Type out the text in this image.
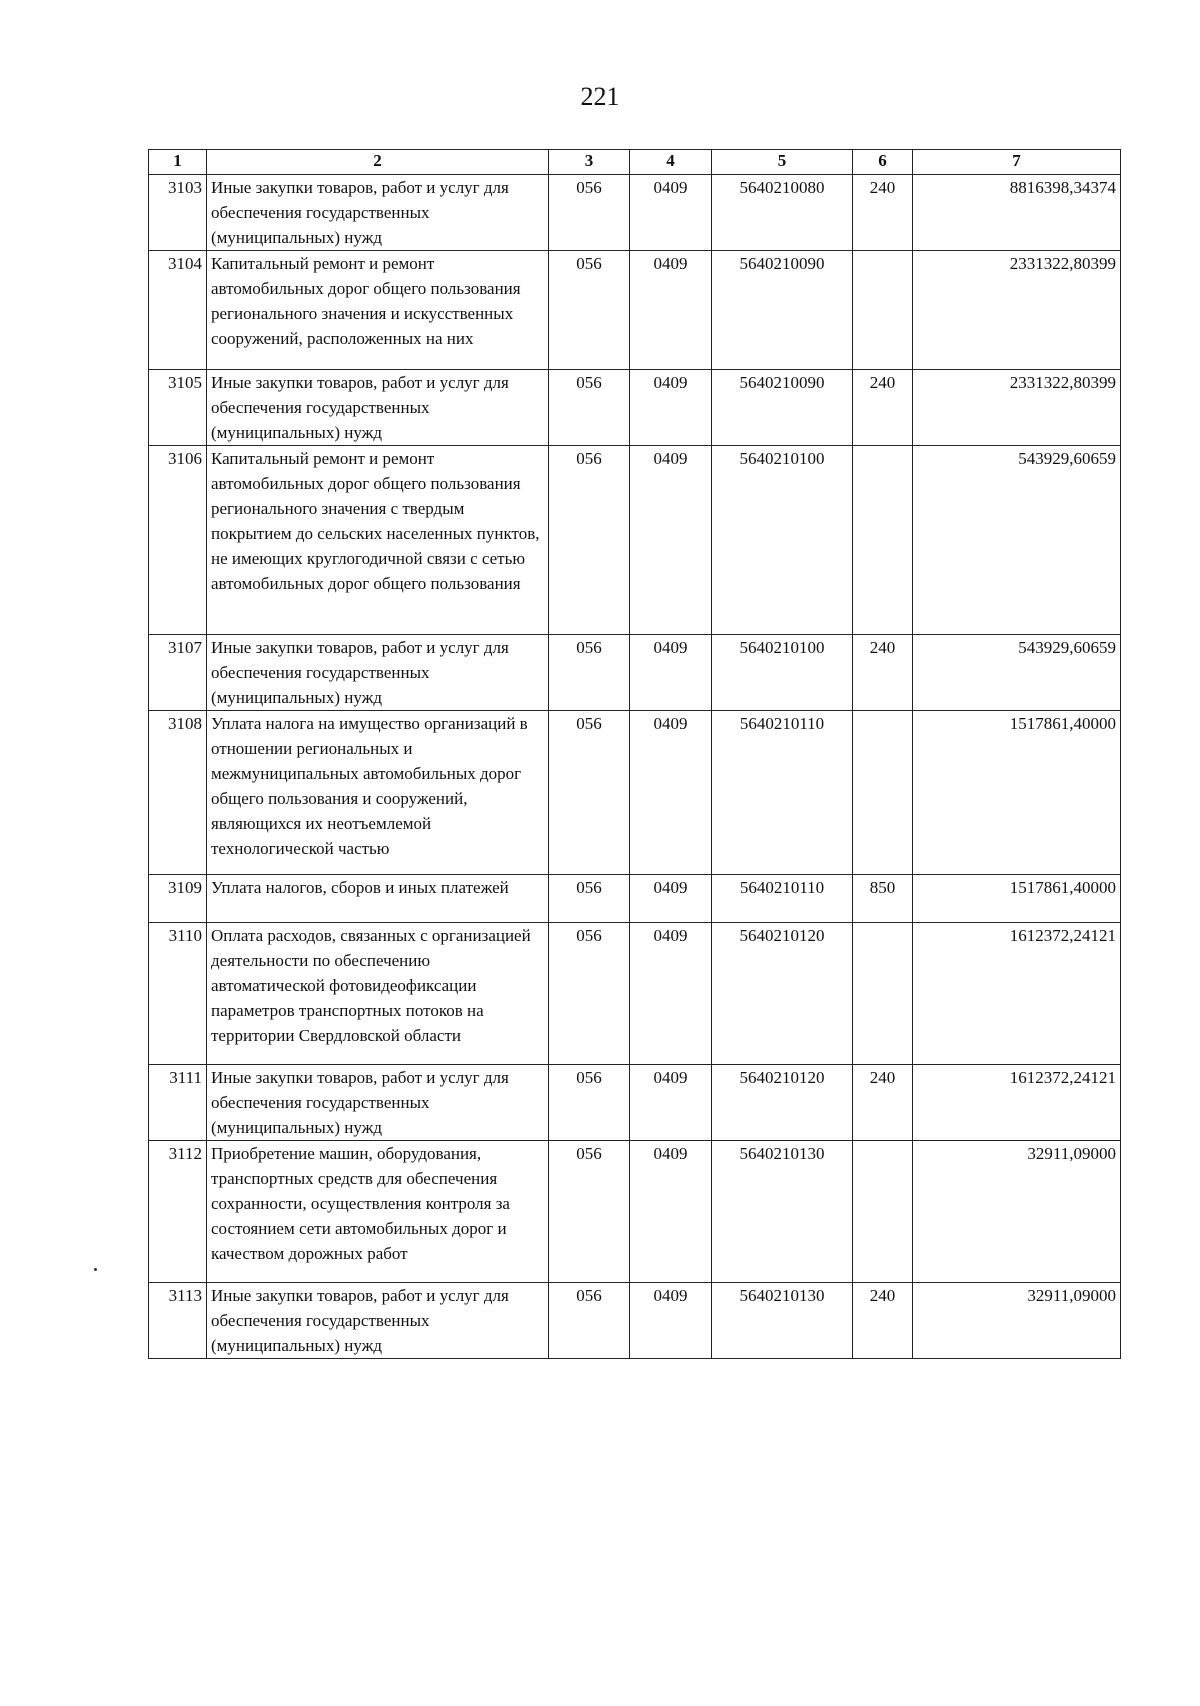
221
1	2	3	4	5	6	7
3103	Иные закупки товаров, работ и услуг для обеспечения государственных (муниципальных) нужд	056	0409	5640210080	240	8816398,34374
3104	Капитальный ремонт и ремонт автомобильных дорог общего пользования регионального значения и искусственных сооружений, расположенных на них	056	0409	5640210090		2331322,80399
3105	Иные закупки товаров, работ и услуг для обеспечения государственных (муниципальных) нужд	056	0409	5640210090	240	2331322,80399
3106	Капитальный ремонт и ремонт автомобильных дорог общего пользования регионального значения с твердым покрытием до сельских населенных пунктов, не имеющих круглогодичной связи с сетью автомобильных дорог общего пользования	056	0409	5640210100		543929,60659
3107	Иные закупки товаров, работ и услуг для обеспечения государственных (муниципальных) нужд	056	0409	5640210100	240	543929,60659
3108	Уплата налога на имущество организаций в отношении региональных и межмуниципальных автомобильных дорог общего пользования и сооружений, являющихся их неотъемлемой технологической частью	056	0409	5640210110		1517861,40000
3109	Уплата налогов, сборов и иных платежей	056	0409	5640210110	850	1517861,40000
3110	Оплата расходов, связанных с организацией деятельности по обеспечению автоматической фотовидеофиксации параметров транспортных потоков на территории Свердловской области	056	0409	5640210120		1612372,24121
3111	Иные закупки товаров, работ и услуг для обеспечения государственных (муниципальных) нужд	056	0409	5640210120	240	1612372,24121
3112	Приобретение машин, оборудования, транспортных средств для обеспечения сохранности, осуществления контроля за состоянием сети автомобильных дорог и качеством дорожных работ	056	0409	5640210130		32911,09000
3113	Иные закупки товаров, работ и услуг для обеспечения государственных (муниципальных) нужд	056	0409	5640210130	240	32911,09000
